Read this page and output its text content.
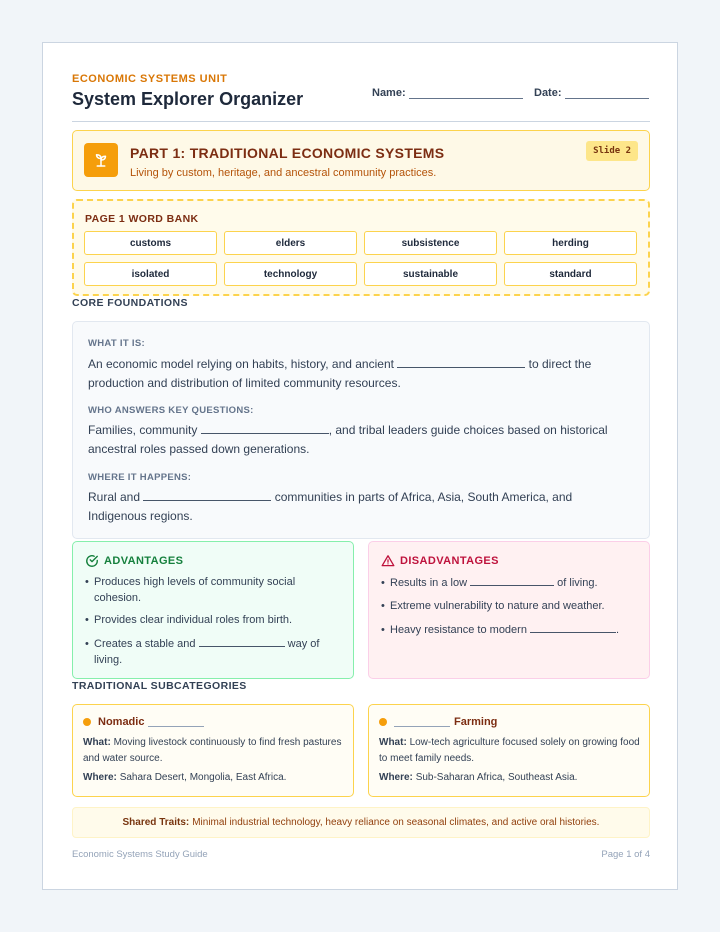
ECONOMIC SYSTEMS UNIT
System Explorer Organizer	Name:	Date:
PART 1: TRADITIONAL ECONOMIC SYSTEMS
Living by custom, heritage, and ancestral community practices.
Slide 2
PAGE 1 WORD BANK
customs	elders	subsistence	herding
isolated	technology	sustainable	standard
CORE FOUNDATIONS
WHAT IT IS:
An economic model relying on habits, history, and ancient	to direct the production and distribution of limited community resources.
WHO ANSWERS KEY QUESTIONS:
Families, community	, and tribal leaders guide choices based on historical ancestral roles passed down generations.
WHERE IT HAPPENS:
Rural and	communities in parts of Africa, Asia, South America, and Indigenous regions.
ADVANTAGES
• Produces high levels of community social cohesion.
• Provides clear individual roles from birth.
• Creates a stable and	way of living.
DISADVANTAGES
• Results in a low	of living.
• Extreme vulnerability to nature and weather.
• Heavy resistance to modern	.
TRADITIONAL SUBCATEGORIES
Nomadic
What: Moving livestock continuously to find fresh pastures and water source.
Where: Sahara Desert, Mongolia, East Africa.
Farming
What: Low-tech agriculture focused solely on growing food to meet family needs.
Where: Sub-Saharan Africa, Southeast Asia.
Shared Traits: Minimal industrial technology, heavy reliance on seasonal climates, and active oral histories.
Economic Systems Study Guide	Page 1 of 4
